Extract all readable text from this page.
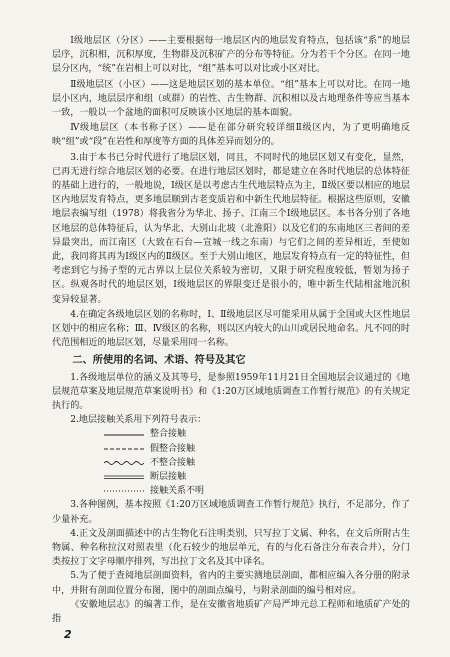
Ⅰ级地层区（分区）——主要根据每一地层区内的地层发育特点，包括该“系”的地层层序，沉积相，沉积厚度，生物群及沉积矿产的分布等特征。分为若干个分区。在同一地层分区内，“统”在岩相上可以对比，“组”基本可以对比或小区对比。

Ⅱ级地层区（小区）——这是地层区划的基本单位。“组”基本上可以对比。在同一地层小区内，地层层序和组（或群）的岩性、古生物群、沉积相以及古地理条件等应当基本一致，一般以一个盆地的面积可反映该小区地层的基本面貌。

Ⅳ级地层区（本书称子区）——是在部分研究较详细Ⅱ级区内，为了更明确地反映“组”或“段”在岩性和厚度等方面的具体差异而划分的。

3.由于本书已分时代进行了地层区划，同且，不同时代的地层区划又有变化，显然，已再无进行综合地层区划的必要。在进行地层区划时，都是建立在各时代地层的总体特征的基础上进行的，一般地说，Ⅰ级区是以考虑古生代地层特点为主，Ⅱ级区要以相应的地层区内地层发育特点，更多地层顺到古老变质岩和中新生代地层特征。根据这些原则，安徽地层表编写组（1978）将我省分为华北、扬子、江南三个Ⅰ级地层区。本书各分别了各地区地层的总体特征后，认为华北、大别山北坡（北淮阳）以及它们的东南地区三者间的差异最突出，而江南区（大致在石台—宣城一线之东南）与它们之间的差异相近，至使如此，我同将其再为Ⅰ级区内的Ⅱ级区。至于大别山地区，地层发育特点有一定的特征性，但考虑到它与扬子型的元古界以上层位关系较为密切，又限于研究程度较低，暂划为扬子区。纵观各时代的地层区划，Ⅰ级地层区的界限变迁是很小的，唯中新生代陆相盆地沉积变异较显著。

4.在确定各级地层区划的名称时，Ⅰ、Ⅱ级地层区尽可能采用从属于全国或大区性地层区划中的相应名称；Ⅲ、Ⅳ级区的名称，则以区内较大的山川或居民地命名。凡不同的时代范围相近的地层区划，尽量采用同一名称。

二、所使用的名词、术语、符号及其它

1.各级地层单位的涵义及其等号，是参照1959年11月21日全国地层会议通过的《地层规范草案及地层规范草案说明书》和《1:20万区域地质调查工作暂行规范》的有关规定执行的。

2.地层接触关系用下列符号表示：

整合接触
假整合接触
不整合接触
断层接触
接触关系不明

3.各种图例，基本按照《1:20万区域地质调查工作暂行规范》执行，不足部分，作了少量补充。

4.正文及剖面描述中的古生物化石注明类别，只写拉丁文属、种名，在文后所附古生物属、种名称拉汉对照表里（化石较少的地层单元，有的与化石备注分布表合并），分门类按拉丁文字母顺序排列，写出拉丁文名及其中译名。

5.为了便于查阅地层剖面资料，省内的主要实测地层剖面，都相应编入各分册的附录中，并附有剖面位置分布图，图中的剖面点编号，与附录剖面的编号相对应。

《安徽地层志》的编著工作，是在安徽省地质矿产局严坤元总工程师和地质矿产处的指

2
